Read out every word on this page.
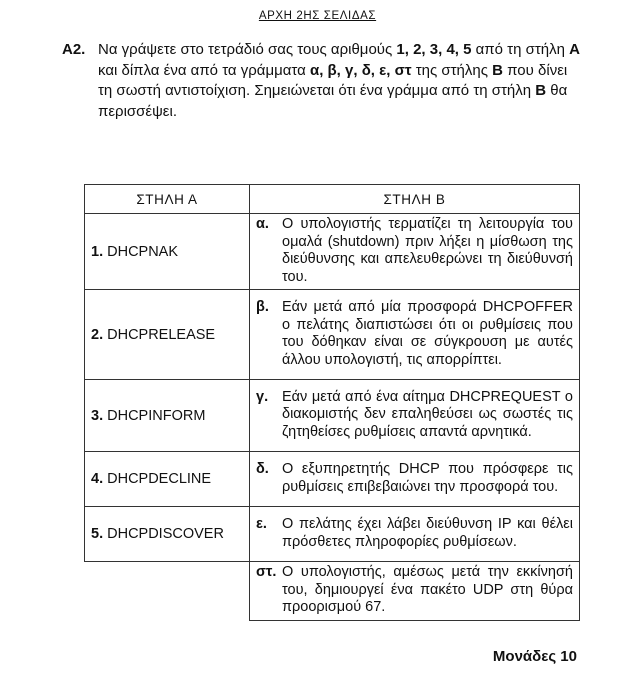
ΑΡΧΗ 2ΗΣ ΣΕΛΙΔΑΣ
Α2. Να γράψετε στο τετράδιό σας τους αριθμούς 1, 2, 3, 4, 5 από τη στήλη Α και δίπλα ένα από τα γράμματα α, β, γ, δ, ε, στ της στήλης Β που δίνει τη σωστή αντιστοίχιση. Σημειώνεται ότι ένα γράμμα από τη στήλη Β θα περισσέψει.
ΣΤΗΛΗ Α	ΣΤΗΛΗ Β
1. DHCPNAK	α. Ο υπολογιστής τερματίζει τη λειτουργία του ομαλά (shutdown) πριν λήξει η μίσθωση της διεύθυνσης και απελευθερώνει τη διεύθυνσή του.

2. DHCPRELEASE	β. Εάν μετά από μία προσφορά DHCPOFFER ο πελάτης διαπιστώσει ότι οι ρυθμίσεις που του δόθηκαν είναι σε σύγκρουση με αυτές άλλου υπολογιστή, τις απορρίπτει.

3. DHCPINFORM	γ. Εάν μετά από ένα αίτημα DHCPREQUEST ο διακομιστής δεν επαληθεύσει ως σωστές τις ζητηθείσες ρυθμίσεις απαντά αρνητικά.

4. DHCPDECLINE	δ. Ο εξυπηρετητής DHCP που πρόσφερε τις ρυθμίσεις επιβεβαιώνει την προσφορά του.

5. DHCPDISCOVER	ε. Ο πελάτης έχει λάβει διεύθυνση IP και θέλει πρόσθετες πληροφορίες ρυθμίσεων.

	στ. Ο υπολογιστής, αμέσως μετά την εκκίνησή του, δημιουργεί ένα πακέτο UDP στη θύρα προορισμού 67.
Μονάδες 10
